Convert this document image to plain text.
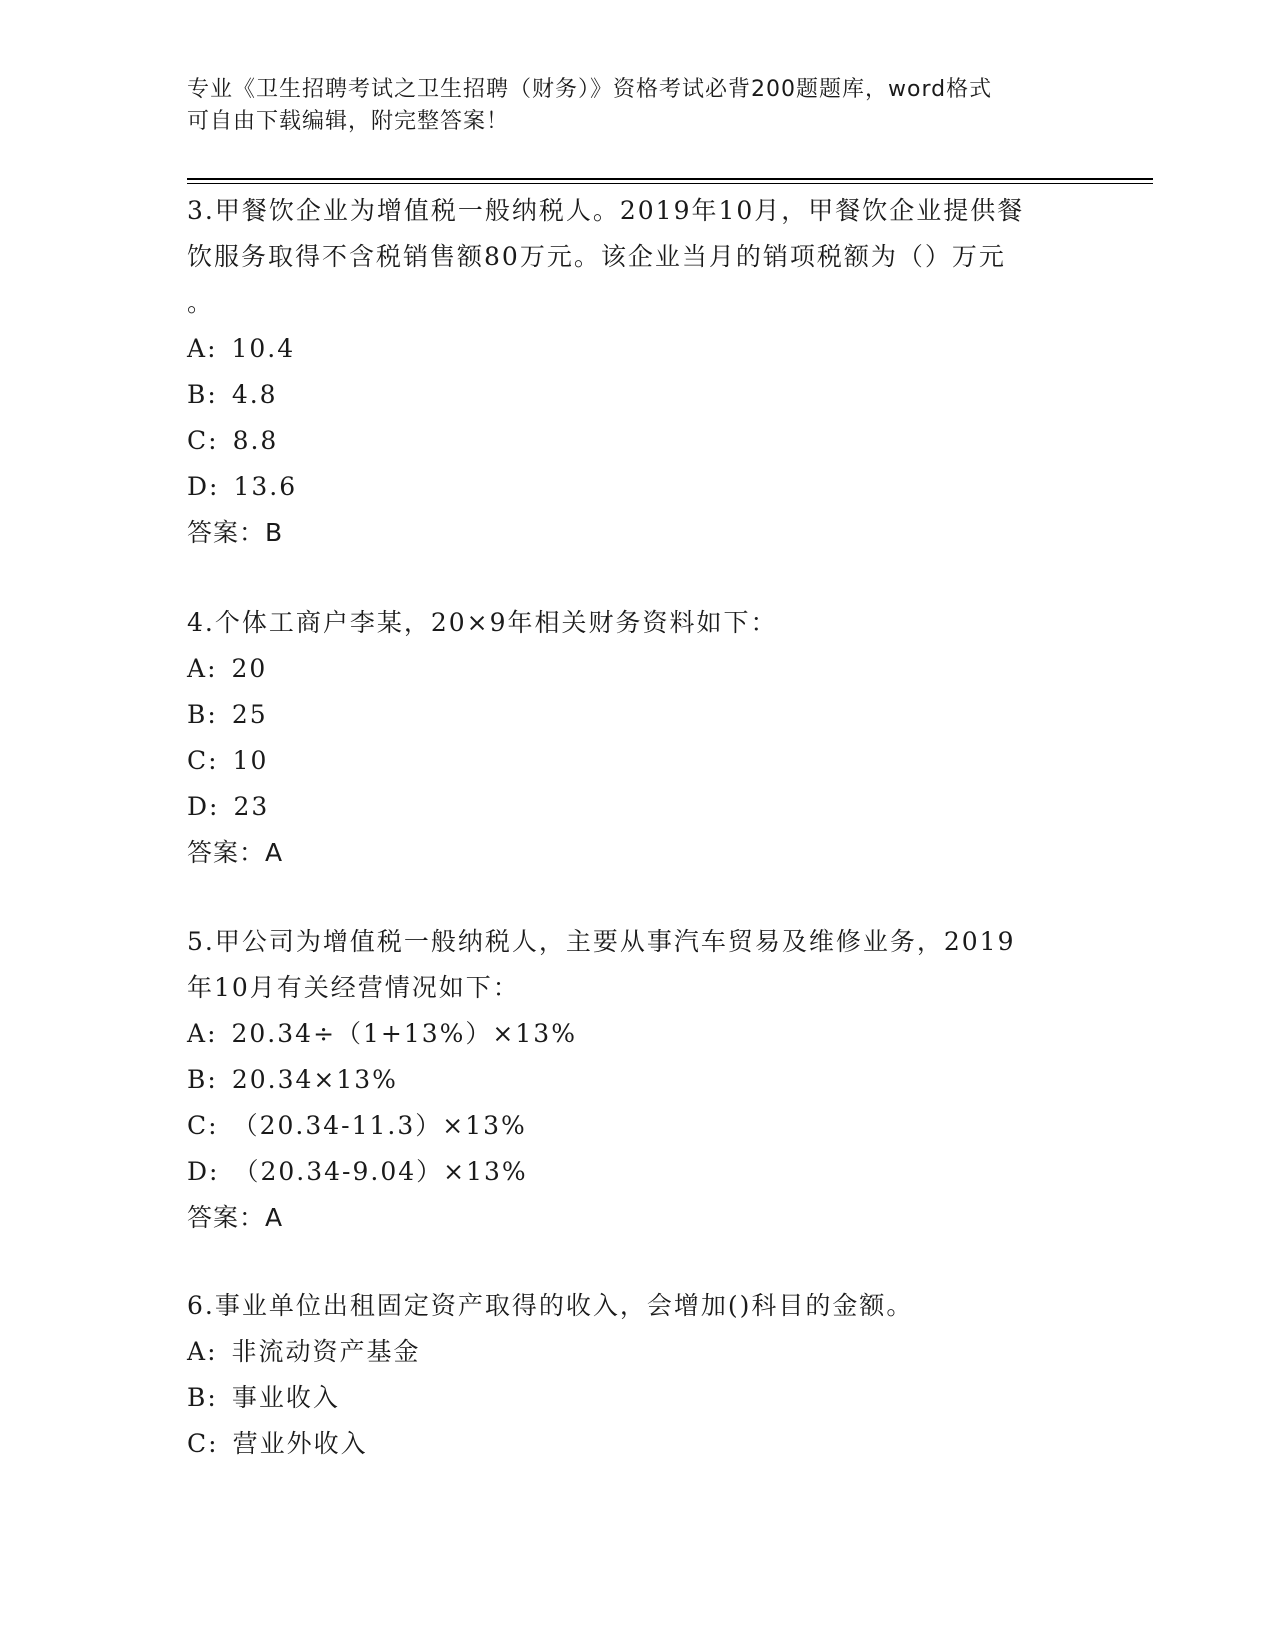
专业《卫生招聘考试之卫生招聘（财务）》资格考试必背200题题库，word格式
可自由下载编辑，附完整答案！
3.甲餐饮企业为增值税一般纳税人。2019年10月，甲餐饮企业提供餐
饮服务取得不含税销售额80万元。该企业当月的销项税额为（）万元
。
A: 10.4
B: 4.8
C: 8.8
D: 13.6
答案：B
4.个体工商户李某，20×9年相关财务资料如下：
A: 20
B: 25
C: 10
D: 23
答案：A
5.甲公司为增值税一般纳税人，主要从事汽车贸易及维修业务，2019
年10月有关经营情况如下：
A: 20.34÷（1+13%）×13%
B: 20.34×13%
C: （20.34-11.3）×13%
D: （20.34-9.04）×13%
答案：A
6.事业单位出租固定资产取得的收入，会增加()科目的金额。
A: 非流动资产基金
B: 事业收入
C: 营业外收入
